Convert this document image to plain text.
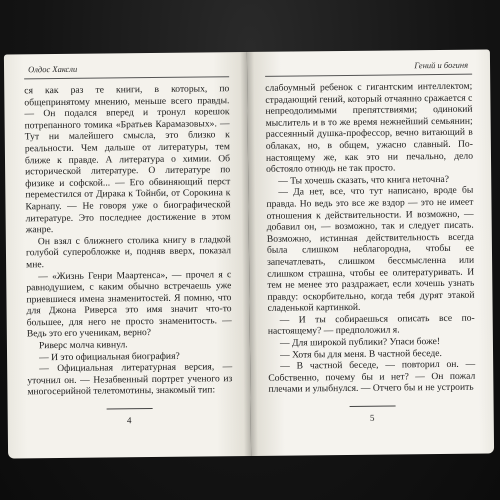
Олдос Хаксли

ся как раз те книги, в которых, по общепринятому мнению, меньше всего правды. — Он подался вперед и тронул корешок потрепанного томика «Братьев Карамазовых». — Тут ни малейшего смысла, это близко к реальности. Чем дальше от литературы, тем ближе к правде. А литература о химии. Об исторической литературе. О литературе по физике и софской... — Его обвиняющий перст переместился от Дирака к Тойнби, от Сорокина к Карнапу. — Не говоря уже о биографической литературе. Это последнее достижение в этом жанре.

Он взял с ближнего столика книгу в гладкой голубой суперобложке и, подняв вверх, показал мне.

— «Жизнь Генри Маартенса», — прочел я с равнодушием, с каким обычно встречаешь уже приевшиеся имена знаменитостей. Я помню, что для Джона Риверса это имя значит что-то большее, для него не просто знаменитость. — Ведь это его ученикам, верно?

Риверс молча кивнул.

— И это официальная биография?

— Официальная литературная версия, — уточнил он. — Незабвенный портрет ученого из многосерийной телетомотины, знакомый тип:

4
Гений и богиня

слабоумный ребенок с гигантским интеллектом; страдающий гений, который отчаянно сражается с непреодолимыми препятствиями; одинокий мыслитель и в то же время нежнейший семьянин; рассеянный душка-профессор, вечно витающий в облаках, но, в общем, ужасно славный. По-настоящему же, как это ни печально, дело обстояло отнюдь не так просто.

— Ты хочешь сказать, что книга неточна?

— Да нет, все, что тут написано, вроде бы правда. Но ведь это все же вздор — это не имеет отношения к действительности. И возможно, — добавил он, — возможно, так и следует писать. Возможно, истинная действительность всегда была слишком неблагородна, чтобы ее запечатлевать, слишком бессмысленна или слишком страшна, чтобы ее олитературивать. И тем не менее это раздражает, если хочешь узнать правду: оскорбительно, когда тебя дурят этакой сладенькой картинкой.

— И ты собираешься описать все по-настоящему? — предположил я.

— Для широкой публики? Упаси боже!

— Хотя бы для меня. В частной беседе.

— В частной беседе, — повторил он. — Собственно, почему бы и нет? — Он пожал плечами и улыбнулся. — Отчего бы и не устроить

5
